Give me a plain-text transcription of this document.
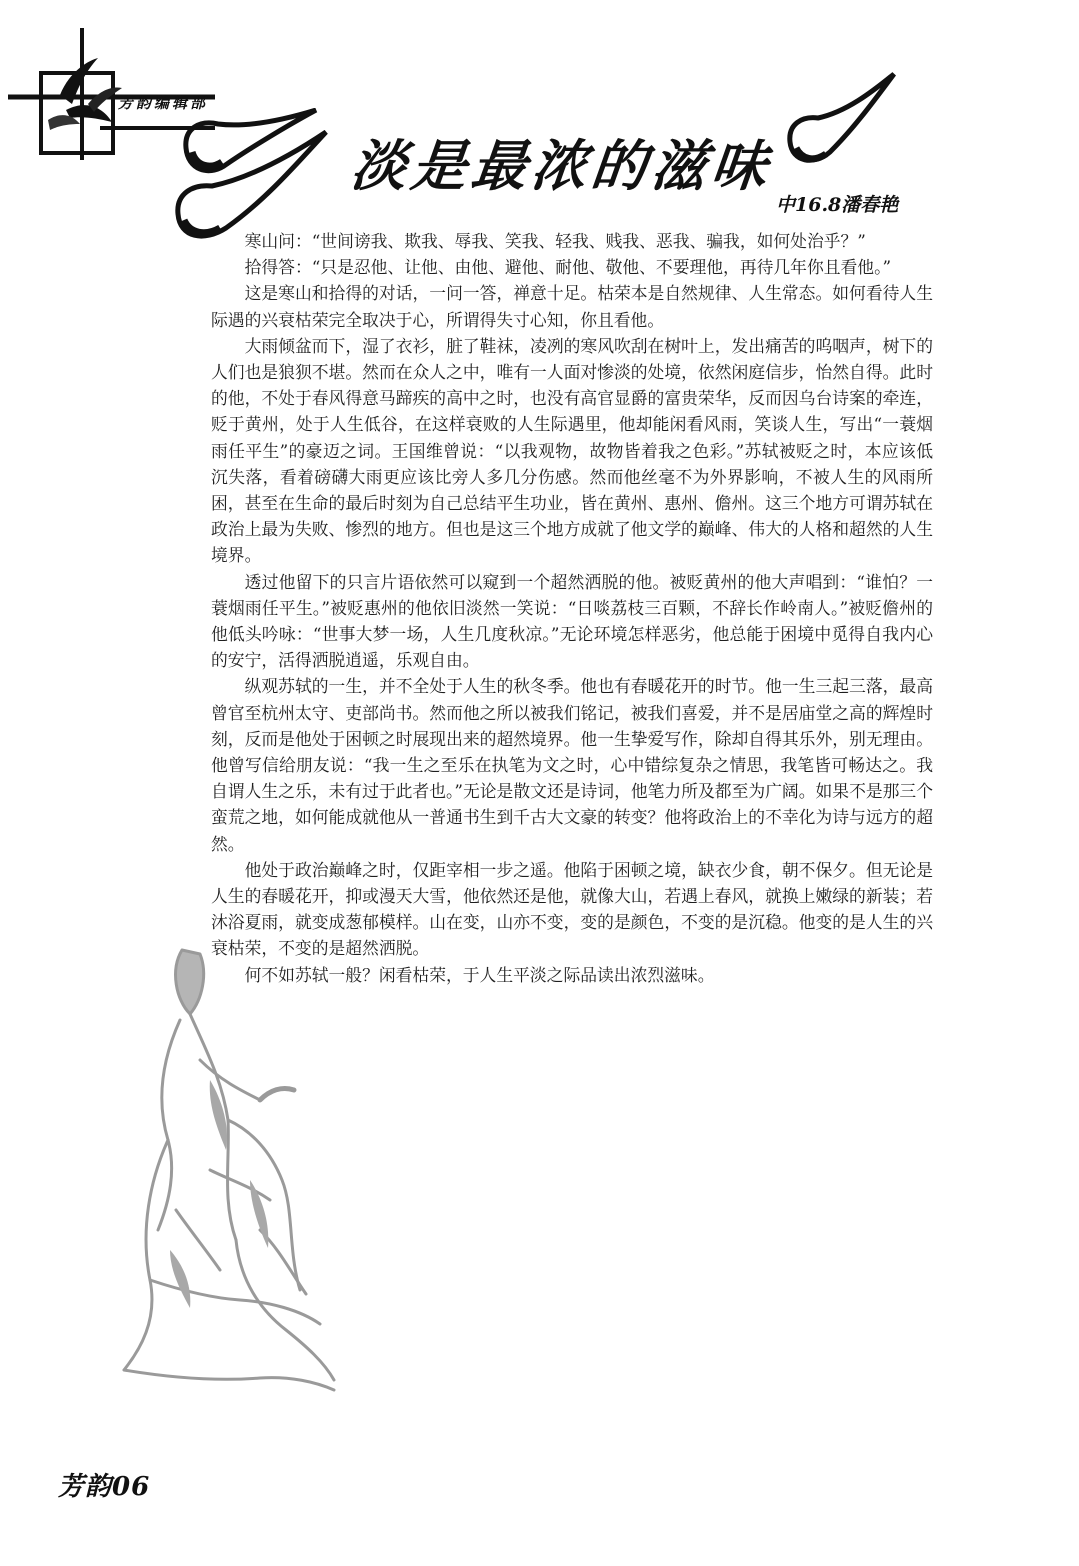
芳韵编辑部
淡是最浓的滋味
中16.8潘春艳

寒山问：“世间谤我、欺我、辱我、笑我、轻我、贱我、恶我、骗我，如何处治乎？”

拾得答：“只是忍他、让他、由他、避他、耐他、敬他、不要理他，再待几年你且看他。”

这是寒山和拾得的对话，一问一答，禅意十足。枯荣本是自然规律、人生常态。如何看待人生际遇的兴衰枯荣完全取决于心，所谓得失寸心知，你且看他。

大雨倾盆而下，湿了衣衫，脏了鞋袜，凌冽的寒风吹刮在树叶上，发出痛苦的呜咽声，树下的人们也是狼狈不堪。然而在众人之中，唯有一人面对惨淡的处境，依然闲庭信步，怡然自得。此时的他，不处于春风得意马蹄疾的高中之时，也没有高官显爵的富贵荣华，反而因乌台诗案的牵连，贬于黄州，处于人生低谷，在这样衰败的人生际遇里，他却能闲看风雨，笑谈人生，写出“一蓑烟雨任平生”的豪迈之词。王国维曾说：“以我观物，故物皆着我之色彩。”苏轼被贬之时，本应该低沉失落，看着磅礴大雨更应该比旁人多几分伤感。然而他丝毫不为外界影响，不被人生的风雨所困，甚至在生命的最后时刻为自己总结平生功业，皆在黄州、惠州、儋州。这三个地方可谓苏轼在政治上最为失败、惨烈的地方。但也是这三个地方成就了他文学的巅峰、伟大的人格和超然的人生境界。

透过他留下的只言片语依然可以窥到一个超然洒脱的他。被贬黄州的他大声唱到：“谁怕？一蓑烟雨任平生。”被贬惠州的他依旧淡然一笑说：“日啖荔枝三百颗，不辞长作岭南人。”被贬儋州的他低头吟咏：“世事大梦一场，人生几度秋凉。”无论环境怎样恶劣，他总能于困境中觅得自我内心的安宁，活得洒脱逍遥，乐观自由。

纵观苏轼的一生，并不全处于人生的秋冬季。他也有春暖花开的时节。他一生三起三落，最高曾官至杭州太守、吏部尚书。然而他之所以被我们铭记，被我们喜爱，并不是居庙堂之高的辉煌时刻，反而是他处于困顿之时展现出来的超然境界。他一生挚爱写作，除却自得其乐外，别无理由。他曾写信给朋友说：“我一生之至乐在执笔为文之时，心中错综复杂之情思，我笔皆可畅达之。我自谓人生之乐，未有过于此者也。”无论是散文还是诗词，他笔力所及都至为广阔。如果不是那三个蛮荒之地，如何能成就他从一普通书生到千古大文豪的转变？他将政治上的不幸化为诗与远方的超然。

他处于政治巅峰之时，仅距宰相一步之遥。他陷于困顿之境，缺衣少食，朝不保夕。但无论是人生的春暖花开，抑或漫天大雪，他依然还是他，就像大山，若遇上春风，就换上嫩绿的新装；若沐浴夏雨，就变成葱郁模样。山在变，山亦不变，变的是颜色，不变的是沉稳。他变的是人生的兴衰枯荣，不变的是超然洒脱。

何不如苏轼一般？闲看枯荣，于人生平淡之际品读出浓烈滋味。

芳韵06
